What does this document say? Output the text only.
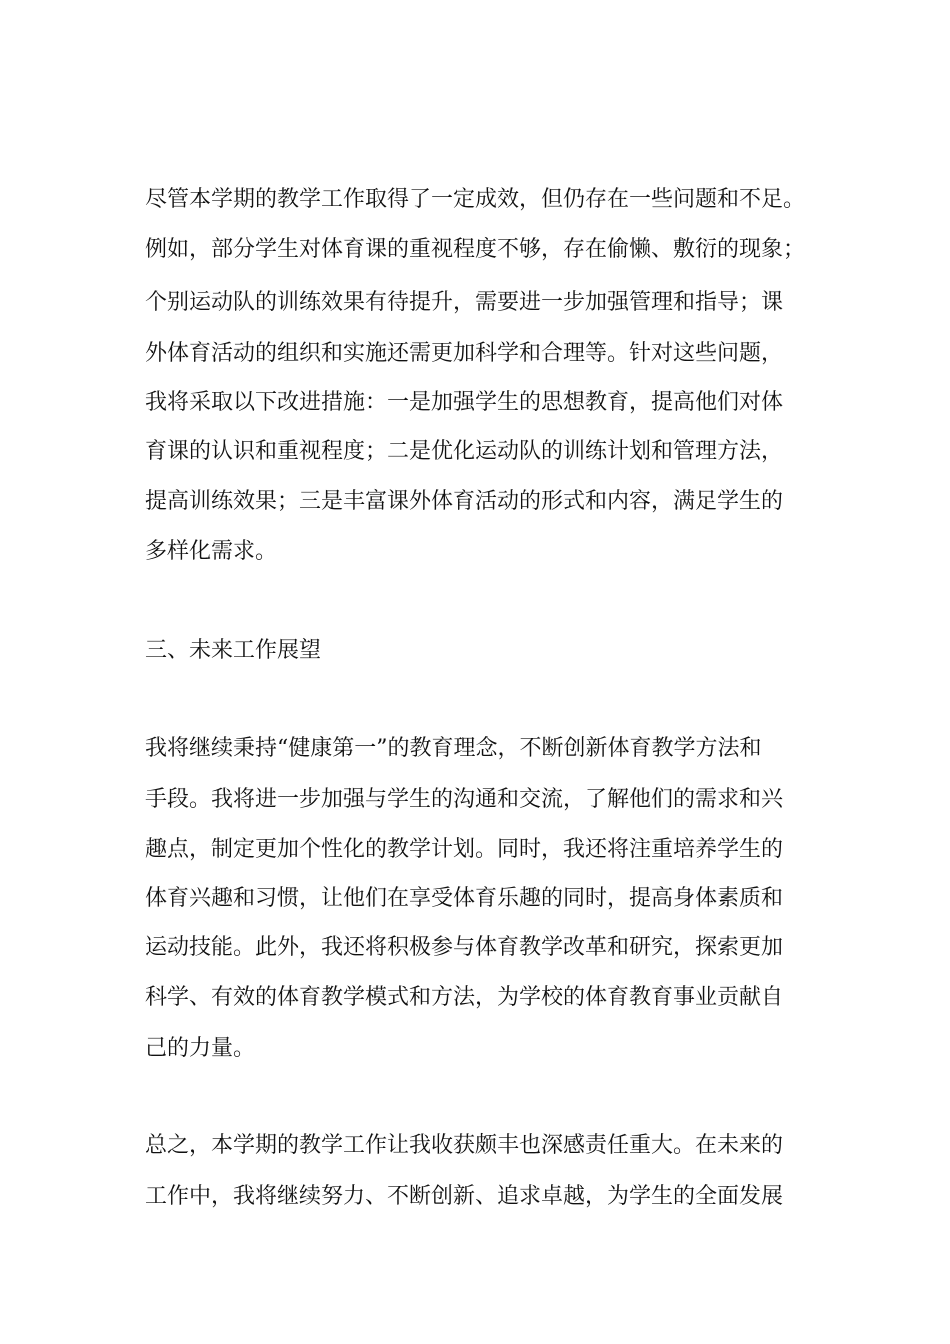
尽管本学期的教学工作取得了一定成效，但仍存在一些问题和不足。
例如，部分学生对体育课的重视程度不够，存在偷懒、敷衍的现象；
个别运动队的训练效果有待提升，需要进一步加强管理和指导；课
外体育活动的组织和实施还需更加科学和合理等。针对这些问题，
我将采取以下改进措施：一是加强学生的思想教育，提高他们对体
育课的认识和重视程度；二是优化运动队的训练计划和管理方法，
提高训练效果；三是丰富课外体育活动的形式和内容，满足学生的
多样化需求。
三、未来工作展望
我将继续秉持“健康第一”的教育理念，不断创新体育教学方法和
手段。我将进一步加强与学生的沟通和交流，了解他们的需求和兴
趣点，制定更加个性化的教学计划。同时，我还将注重培养学生的
体育兴趣和习惯，让他们在享受体育乐趣的同时，提高身体素质和
运动技能。此外，我还将积极参与体育教学改革和研究，探索更加
科学、有效的体育教学模式和方法，为学校的体育教育事业贡献自
己的力量。
总之，本学期的教学工作让我收获颇丰也深感责任重大。在未来的
工作中，我将继续努力、不断创新、追求卓越，为学生的全面发展
